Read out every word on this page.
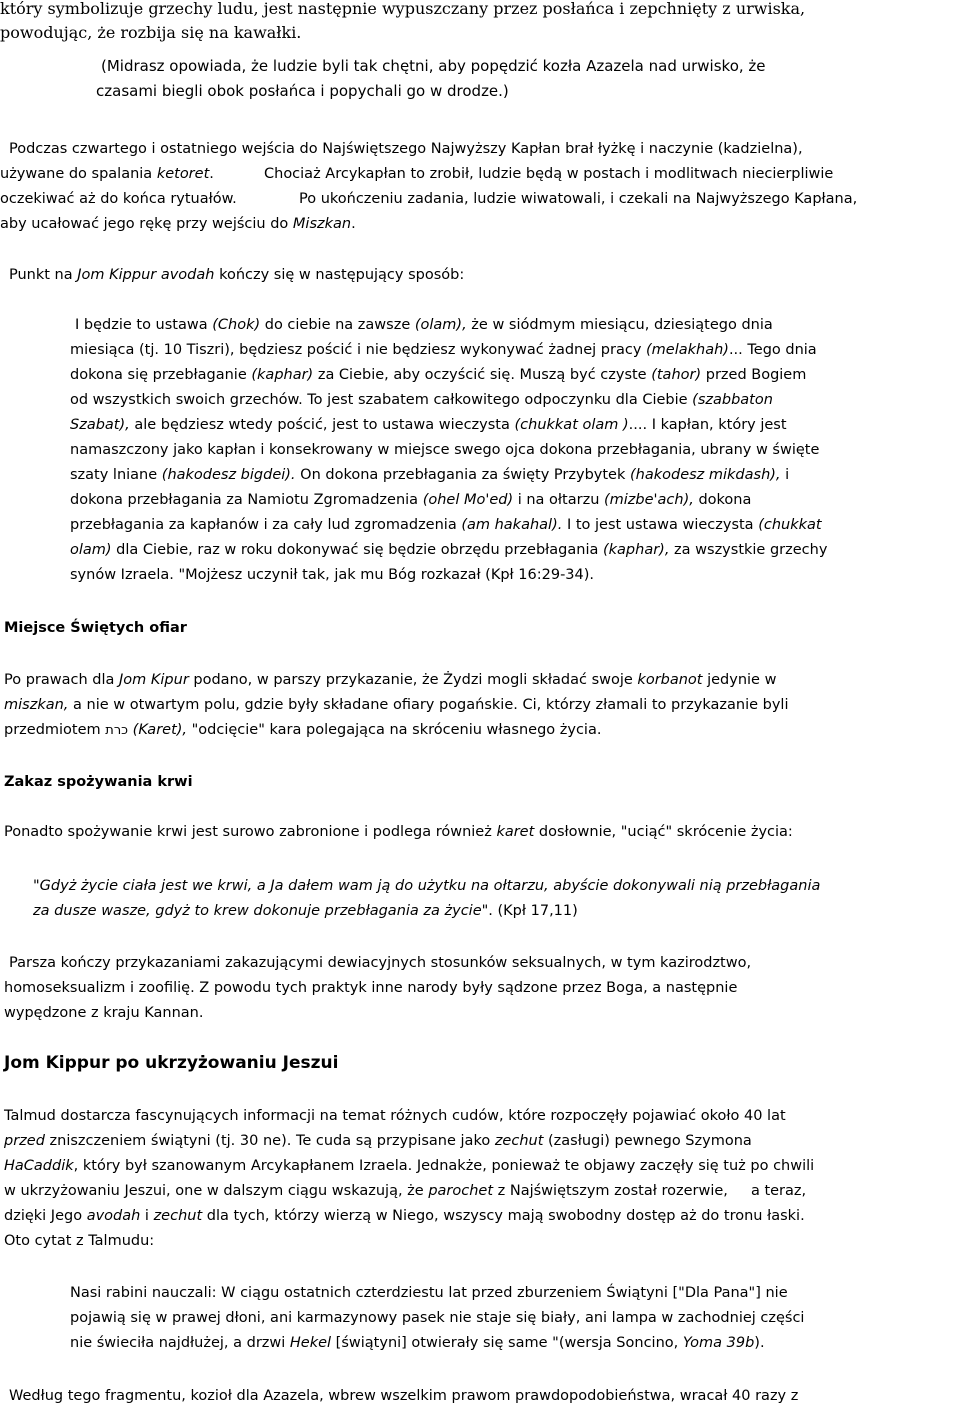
który symbolizuje grzechy ludu, jest następnie wypuszczany przez posłańca i zepchnięty z urwiska,

powodując, że rozbija się na kawałki.

(Midrasz opowiada, że ludzie byli tak chętni, aby popędzić kozła Azazela nad urwisko, że

czasami biegli obok posłańca i popychali go w drodze.)

Podczas czwartego i ostatniego wejścia do Najświętszego Najwyższy Kapłan brał łyżkę i naczynie (kadzielna),

używane do spalania ketoret.	Chociaż Arcykapłan to zrobił, ludzie będą w postach i modlitwach niecierpliwie

oczekiwać aż do końca rytuałów.	Po ukończeniu zadania, ludzie wiwatowali, i czekali na Najwyższego Kapłana,

aby ucałować jego rękę przy wejściu do Miszkan.

Punkt na Jom Kippur avodah kończy się w następujący sposób:

I będzie to ustawa (Chok) do ciebie na zawsze (olam), że w siódmym miesiącu, dziesiątego dnia

miesiąca (tj. 10 Tiszri), będziesz pościć i nie będziesz wykonywać żadnej pracy (melakhah)... Tego dnia

dokona się przebłaganie (kaphar) za Ciebie, aby oczyścić się. Muszą być czyste (tahor) przed Bogiem

od wszystkich swoich grzechów. To jest szabatem całkowitego odpoczynku dla Ciebie (szabbaton

Szabat), ale będziesz wtedy pościć, jest to ustawa wieczysta (chukkat olam ).... I kapłan, który jest

namaszczony jako kapłan i konsekrowany w miejsce swego ojca dokona przebłagania, ubrany w święte

szaty lniane (hakodesz bigdei). On dokona przebłagania za święty Przybytek (hakodesz mikdash), i

dokona przebłagania za Namiotu Zgromadzenia (ohel Mo'ed) i na ołtarzu (mizbe'ach), dokona

przebłagania za kapłanów i za cały lud zgromadzenia (am hakahal). I to jest ustawa wieczysta (chukkat

olam) dla Ciebie, raz w roku dokonywać się będzie obrzędu przebłagania (kaphar), za wszystkie grzechy

synów Izraela. "Mojżesz uczynił tak, jak mu Bóg rozkazał (Kpł 16:29-34).

Miejsce Świętych ofiar

Po prawach dla Jom Kipur podano, w parszy przykazanie, że Żydzi mogli składać swoje korbanot jedynie w

miszkan, a nie w otwartym polu, gdzie były składane ofiary pogańskie. Ci, którzy złamali to przykazanie byli

przedmiotem כרת (Karet), "odcięcie" kara polegająca na skróceniu własnego życia.

Zakaz spożywania krwi

Ponadto spożywanie krwi jest surowo zabronione i podlega również karet dosłownie, "uciąć" skrócenie życia:

"Gdyż życie ciała jest we krwi, a Ja dałem wam ją do użytku na ołtarzu, abyście dokonywali nią przebłagania

za dusze wasze, gdyż to krew dokonuje przebłagania za życie". (Kpł 17,11)

Parsza kończy przykazaniami zakazującymi dewiacyjnych stosunków seksualnych, w tym kazirodztwo,

homoseksualizm i zoofilię. Z powodu tych praktyk inne narody były sądzone przez Boga, a następnie

wypędzone z kraju Kannan.

Jom Kippur po ukrzyżowaniu Jeszui

Talmud dostarcza fascynujących informacji na temat różnych cudów, które rozpoczęły pojawiać około 40 lat

przed zniszczeniem świątyni (tj. 30 ne). Te cuda są przypisane jako zechut (zasługi) pewnego Szymona

HaCaddik, który był szanowanym Arcykapłanem Izraela. Jednakże, ponieważ te objawy zaczęły się tuż po chwili

w ukrzyżowaniu Jeszui, one w dalszym ciągu wskazują, że parochet z Najświętszym został rozerwie,     a teraz,

dzięki Jego avodah i zechut dla tych, którzy wierzą w Niego, wszyscy mają swobodny dostęp aż do tronu łaski.

Oto cytat z Talmudu:

Nasi rabini nauczali: W ciągu ostatnich czterdziestu lat przed zburzeniem Świątyni ["Dla Pana"] nie

pojawią się w prawej dłoni, ani karmazynowy pasek nie staje się biały, ani lampa w zachodniej części

nie świeciła najdłużej, a drzwi Hekel [świątyni] otwierały się same "(wersja Soncino, Yoma 39b).

Według tego fragmentu, kozioł dla Azazela, wbrew wszelkim prawom prawdopodobieństwa, wracał 40 razy z
